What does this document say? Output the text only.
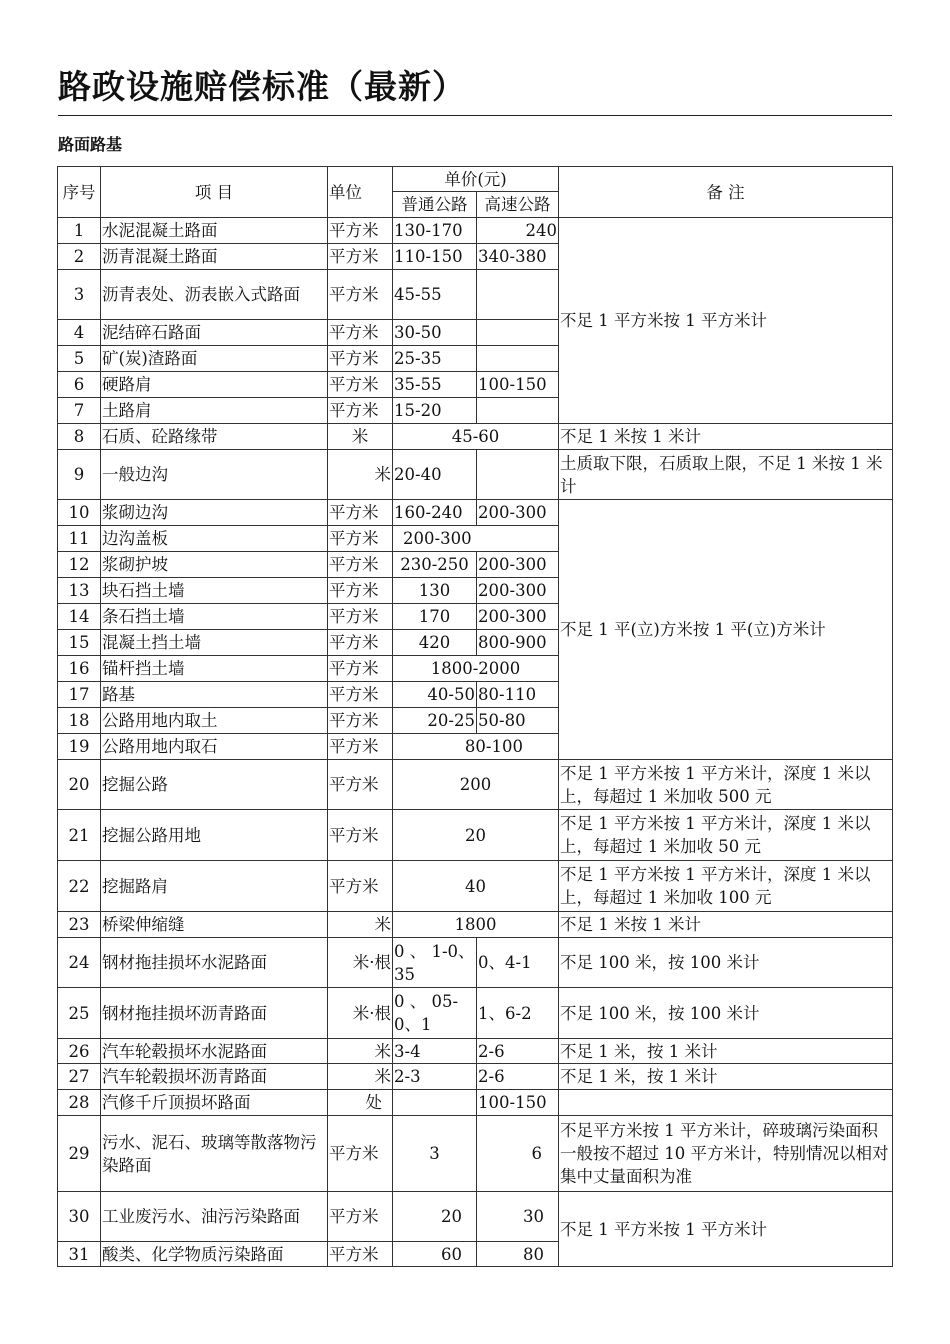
路政设施赔偿标准（最新）
路面路基
序号	项 目	单位	单价(元)		备 注
			普通公路	高速公路	
1	水泥混凝土路面	平方米	130-170	240	不足 1 平方米按 1 平方米计
2	沥青混凝土路面	平方米	110-150	340-380	
3	沥青表处、沥表嵌入式路面	平方米	45-55		
4	泥结碎石路面	平方米	30-50		
5	矿(炭)渣路面	平方米	25-35		
6	硬路肩	平方米	35-55	100-150	
7	土路肩	平方米	15-20		
8	石质、砼路缘带	米	45-60		不足 1 米按 1 米计
9	一般边沟	米	20-40		土质取下限，石质取上限，不足 1 米按 1 米计
10	浆砌边沟	平方米	160-240	200-300	不足 1 平(立)方米按 1 平(立)方米计
11	边沟盖板	平方米	200-300		
12	浆砌护坡	平方米	230-250	200-300	
13	块石挡土墙	平方米	130	200-300	
14	条石挡土墙	平方米	170	200-300	
15	混凝土挡土墙	平方米	420	800-900	
16	锚杆挡土墙	平方米	1800-2000		
17	路基	平方米	40-50	80-110	
18	公路用地内取土	平方米	20-25	50-80	
19	公路用地内取石	平方米	80-100		
20	挖掘公路	平方米	200		不足 1 平方米按 1 平方米计，深度 1 米以上，每超过 1 米加收 500 元
21	挖掘公路用地	平方米	20		不足 1 平方米按 1 平方米计，深度 1 米以上，每超过 1 米加收 50 元
22	挖掘路肩	平方米	40		不足 1 平方米按 1 平方米计，深度 1 米以上，每超过 1 米加收 100 元
23	桥梁伸缩缝	米	1800		不足 1 米按 1 米计
24	钢材拖挂损坏水泥路面	米·根	0 、 1-0、35	0、4-1	不足 100 米，按 100 米计
25	钢材拖挂损坏沥青路面	米·根	0 、 05-0、1	1、6-2	不足 100 米，按 100 米计
26	汽车轮毂损坏水泥路面	米	3-4	2-6	不足 1 米，按 1 米计
27	汽车轮毂损坏沥青路面	米	2-3	2-6	不足 1 米，按 1 米计
28	汽修千斤顶损坏路面	处		100-150	
29	污水、泥石、玻璃等散落物污染路面	平方米	3	6	不足平方米按 1 平方米计，碎玻璃污染面积一般按不超过 10 平方米计，特别情况以相对集中丈量面积为准
30	工业废污水、油污污染路面	平方米	20	30	不足 1 平方米按 1 平方米计
31	酸类、化学物质污染路面	平方米	60	80	
